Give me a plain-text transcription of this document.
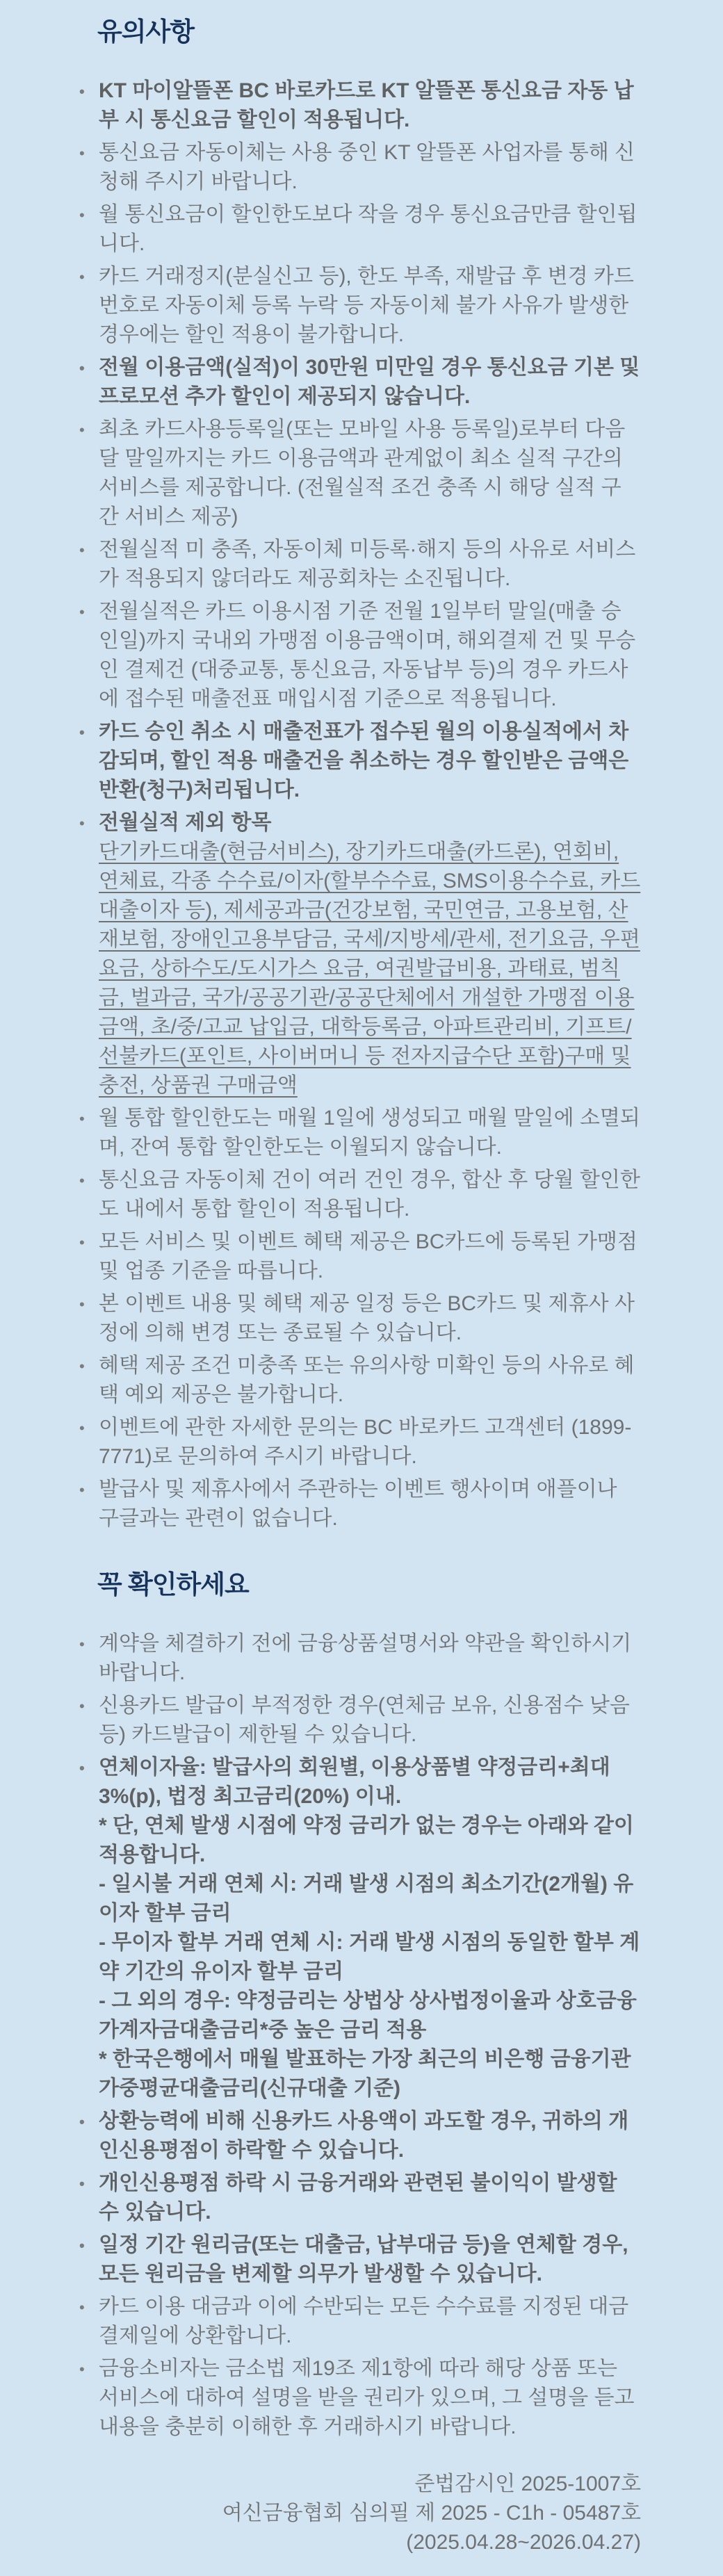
유의사항
• KT 마이알뜰폰 BC 바로카드로 KT 알뜰폰 통신요금 자동 납부 시 통신요금 할인이 적용됩니다.
• 통신요금 자동이체는 사용 중인 KT 알뜰폰 사업자를 통해 신청해 주시기 바랍니다.
• 월 통신요금이 할인한도보다 작을 경우 통신요금만큼 할인됩니다.
• 카드 거래정지(분실신고 등), 한도 부족, 재발급 후 변경 카드번호로 자동이체 등록 누락 등 자동이체 불가 사유가 발생한 경우에는 할인 적용이 불가합니다.
• 전월 이용금액(실적)이 30만원 미만일 경우 통신요금 기본 및 프로모션 추가 할인이 제공되지 않습니다.
• 최초 카드사용등록일(또는 모바일 사용 등록일)로부터 다음 달 말일까지는 카드 이용금액과 관계없이 최소 실적 구간의 서비스를 제공합니다. (전월실적 조건 충족 시 해당 실적 구간 서비스 제공)
• 전월실적 미 충족, 자동이체 미등록·해지 등의 사유로 서비스가 적용되지 않더라도 제공회차는 소진됩니다.
• 전월실적은 카드 이용시점 기준 전월 1일부터 말일(매출 승인일)까지 국내외 가맹점 이용금액이며, 해외결제 건 및 무승인 결제건 (대중교통, 통신요금, 자동납부 등)의 경우 카드사에 접수된 매출전표 매입시점 기준으로 적용됩니다.
• 카드 승인 취소 시 매출전표가 접수된 월의 이용실적에서 차감되며, 할인 적용 매출건을 취소하는 경우 할인받은 금액은 반환(청구)처리됩니다.
• 전월실적 제외 항목
단기카드대출(현금서비스), 장기카드대출(카드론), 연회비, 연체료, 각종 수수료/이자(할부수수료, SMS이용수수료, 카드대출이자 등), 제세공과금(건강보험, 국민연금, 고용보험, 산재보험, 장애인고용부담금, 국세/지방세/관세, 전기요금, 우편요금, 상하수도/도시가스 요금, 여권발급비용, 과태료, 범칙금, 벌과금, 국가/공공기관/공공단체에서 개설한 가맹점 이용금액, 초/중/고교 납입금, 대학등록금, 아파트관리비, 기프트/선불카드(포인트, 사이버머니 등 전자지급수단 포함)구매 및 충전, 상품권 구매금액
• 월 통합 할인한도는 매월 1일에 생성되고 매월 말일에 소멸되며, 잔여 통합 할인한도는 이월되지 않습니다.
• 통신요금 자동이체 건이 여러 건인 경우, 합산 후 당월 할인한도 내에서 통합 할인이 적용됩니다.
• 모든 서비스 및 이벤트 혜택 제공은 BC카드에 등록된 가맹점 및 업종 기준을 따릅니다.
• 본 이벤트 내용 및 혜택 제공 일정 등은 BC카드 및 제휴사 사정에 의해 변경 또는 종료될 수 있습니다.
• 혜택 제공 조건 미충족 또는 유의사항 미확인 등의 사유로 혜택 예외 제공은 불가합니다.
• 이벤트에 관한 자세한 문의는 BC 바로카드 고객센터 (1899-7771)로 문의하여 주시기 바랍니다.
• 발급사 및 제휴사에서 주관하는 이벤트 행사이며 애플이나 구글과는 관련이 없습니다.
꼭 확인하세요
• 계약을 체결하기 전에 금융상품설명서와 약관을 확인하시기 바랍니다.
• 신용카드 발급이 부적정한 경우(연체금 보유, 신용점수 낮음 등) 카드발급이 제한될 수 있습니다.
• 연체이자율: 발급사의 회원별, 이용상품별 약정금리+최대 3%(p), 법정 최고금리(20%) 이내.
* 단, 연체 발생 시점에 약정 금리가 없는 경우는 아래와 같이 적용합니다.
- 일시불 거래 연체 시: 거래 발생 시점의 최소기간(2개월) 유이자 할부 금리
- 무이자 할부 거래 연체 시: 거래 발생 시점의 동일한 할부 계약 기간의 유이자 할부 금리
- 그 외의 경우: 약정금리는 상법상 상사법정이율과 상호금융 가계자금대출금리*중 높은 금리 적용
* 한국은행에서 매월 발표하는 가장 최근의 비은행 금융기관 가중평균대출금리(신규대출 기준)
• 상환능력에 비해 신용카드 사용액이 과도할 경우, 귀하의 개인신용평점이 하락할 수 있습니다.
• 개인신용평점 하락 시 금융거래와 관련된 불이익이 발생할 수 있습니다.
• 일정 기간 원리금(또는 대출금, 납부대금 등)을 연체할 경우, 모든 원리금을 변제할 의무가 발생할 수 있습니다.
• 카드 이용 대금과 이에 수반되는 모든 수수료를 지정된 대금 결제일에 상환합니다.
• 금융소비자는 금소법 제19조 제1항에 따라 해당 상품 또는 서비스에 대하여 설명을 받을 권리가 있으며, 그 설명을 듣고 내용을 충분히 이해한 후 거래하시기 바랍니다.
준법감시인 2025-1007호
여신금융협회 심의필 제 2025 - C1h - 05487호
(2025.04.28~2026.04.27)
